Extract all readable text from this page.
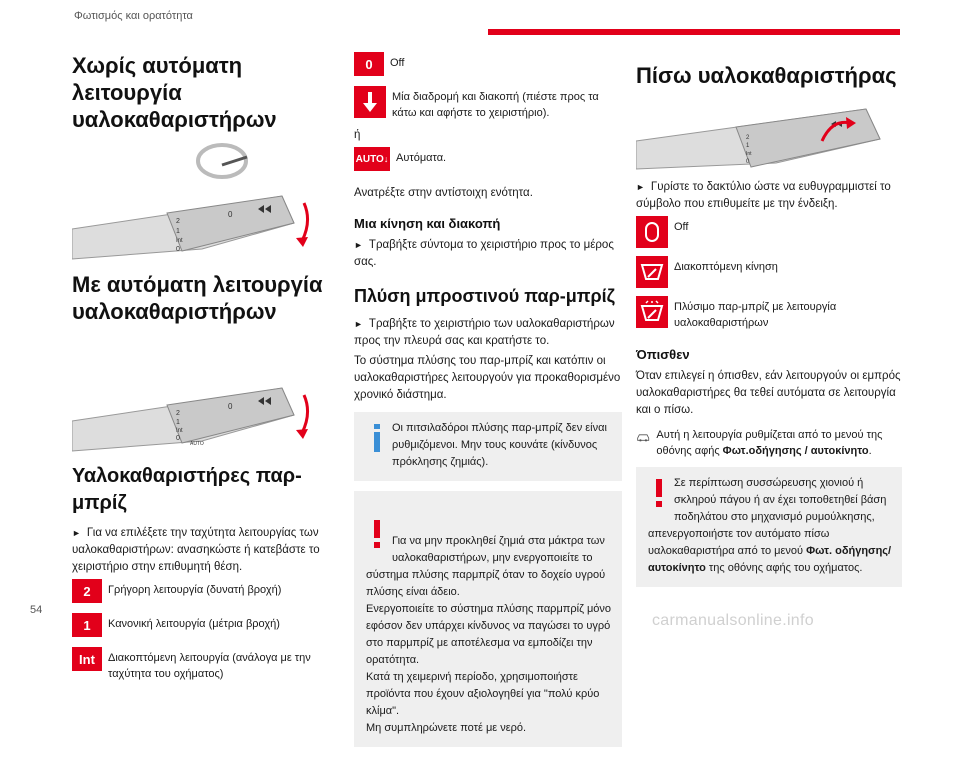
Φωτισμός και ορατότητα
Χωρίς αυτόματη λειτουργία υαλοκαθαριστήρων
2
1
Int
0
0
Με αυτόματη λειτουργία υαλοκαθαριστήρων
2
1
Int
0
AUTO
0
Υαλοκαθαριστήρες παρ-μπρίζ

► Για να επιλέξετε την ταχύτητα λειτουργίας των υαλοκαθαριστήρων: ανασηκώστε ή κατεβάστε το χειριστήριο στην επιθυμητή θέση.

2	Γρήγορη λειτουργία (δυνατή βροχή)
1	Κανονική λειτουργία (μέτρια βροχή)
Int	Διακοπτόμενη λειτουργία (ανάλογα με την ταχύτητα του οχήματος)
0	Off
Μία διαδρομή και διακοπή (πιέστε προς τα κάτω και αφήστε το χειριστήριο).

ή

AUTO ↓ Αυτόματα.

Ανατρέξτε στην αντίστοιχη ενότητα.

Μια κίνηση και διακοπή

► Τραβήξτε σύντομα το χειριστήριο προς το μέρος σας.

Πλύση μπροστινού παρ-μπρίζ

► Τραβήξτε το χειριστήριο των υαλοκαθαριστήρων προς την πλευρά σας και κρατήστε το.

Το σύστημα πλύσης του παρ-μπρίζ και κατόπιν οι υαλοκαθαριστήρες λειτουργούν για προκαθορισμένο χρονικό διάστημα.

Οι πιτσιλαδόροι πλύσης παρ-μπρίζ δεν είναι ρυθμιζόμενοι. Μην τους κουνάτε (κίνδυνος πρόκλησης ζημιάς).

Για να μην προκληθεί ζημιά στα μάκτρα των υαλοκαθαριστήρων, μην ενεργοποιείτε το σύστημα πλύσης παρμπρίζ όταν το δοχείο υγρού πλύσης είναι άδειο.
Ενεργοποιείτε το σύστημα πλύσης παρμπρίζ μόνο εφόσον δεν υπάρχει κίνδυνος να παγώσει το υγρό στο παρμπρίζ με αποτέλεσμα να εμποδίζει την ορατότητα.
Κατά τη χειμερινή περίοδο, χρησιμοποιήστε προϊόντα που έχουν αξιολογηθεί για "πολύ κρύο κλίμα".
Μη συμπληρώνετε ποτέ με νερό.

Πίσω υαλοκαθαριστήρας
2
1
Int
0

► Γυρίστε το δακτύλιο ώστε να ευθυγραμμιστεί το σύμβολο που επιθυμείτε με την ένδειξη.

Off
Διακοπτόμενη κίνηση
Πλύσιμο παρ-μπρίζ με λειτουργία υαλοκαθαριστήρων
Όπισθεν

Όταν επιλεγεί η όπισθεν, εάν λειτουργούν οι εμπρός υαλοκαθαριστήρες θα τεθεί αυτόματα σε λειτουργία και ο πίσω.

Αυτή η λειτουργία ρυθμίζεται από το μενού της οθόνης αφής Φωτ.οδήγησης / αυτοκίνητο.
Σε περίπτωση συσσώρευσης χιονιού ή σκληρού πάγου ή αν έχει τοποθετηθεί βάση ποδηλάτου στο μηχανισμό ρυμούλκησης, απενεργοποιήστε τον αυτόματο πίσω υαλοκαθαριστήρα από το μενού Φωτ. οδήγησης/ αυτοκίνητο της οθόνης αφής του οχήματος.
54
carmanualsonline.info
